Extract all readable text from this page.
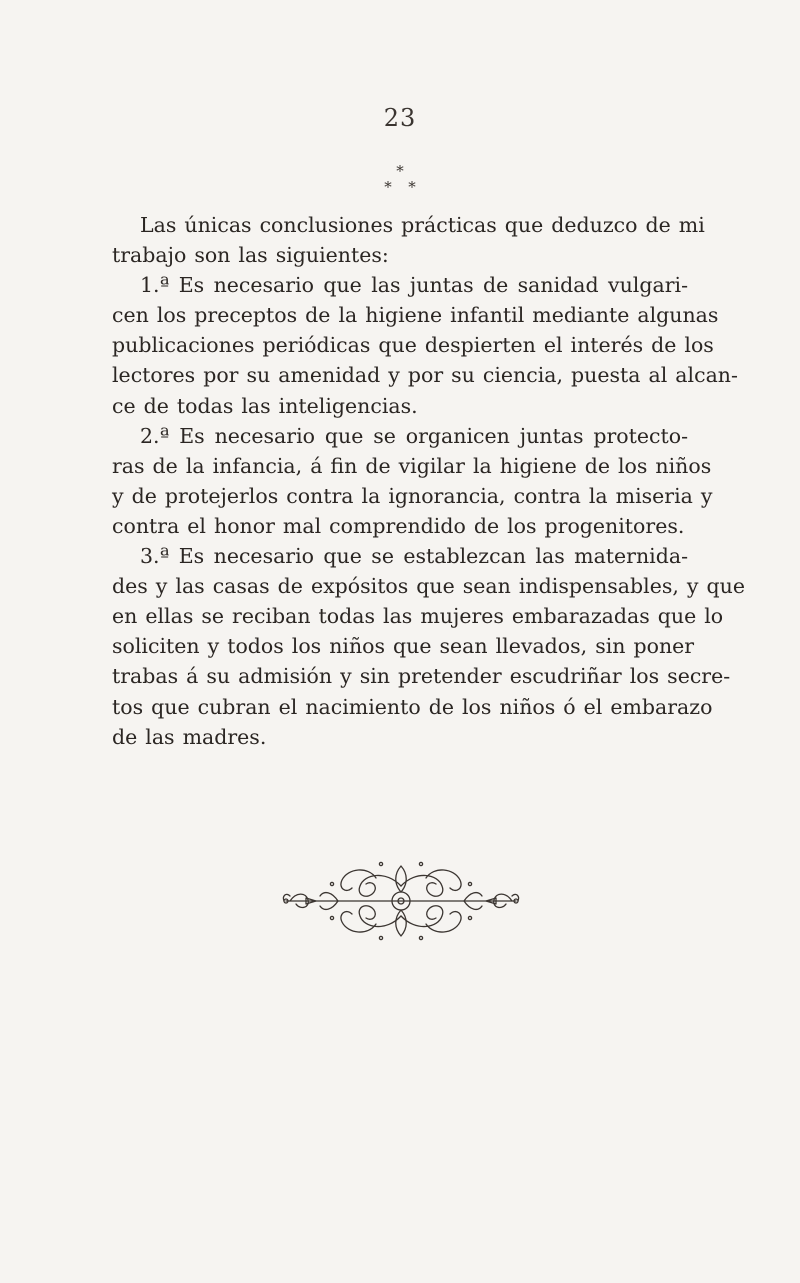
23
*
* *
Las únicas conclusiones prácticas que deduzco de mi
trabajo son las siguientes:
1.ª Es necesario que las juntas de sanidad vulgari-
cen los preceptos de la higiene infantil mediante algunas
publicaciones periódicas que despierten el interés de los
lectores por su amenidad y por su ciencia, puesta al alcan-
ce de todas las inteligencias.
2.ª Es necesario que se organicen juntas protecto-
ras de la infancia, á fin de vigilar la higiene de los niños
y de protejerlos contra la ignorancia, contra la miseria y
contra el honor mal comprendido de los progenitores.
3.ª Es necesario que se establezcan las maternida-
des y las casas de expósitos que sean indispensables, y que
en ellas se reciban todas las mujeres embarazadas que lo
soliciten y todos los niños que sean llevados, sin poner
trabas á su admisión y sin pretender escudriñar los secre-
tos que cubran el nacimiento de los niños ó el embarazo
de las madres.
